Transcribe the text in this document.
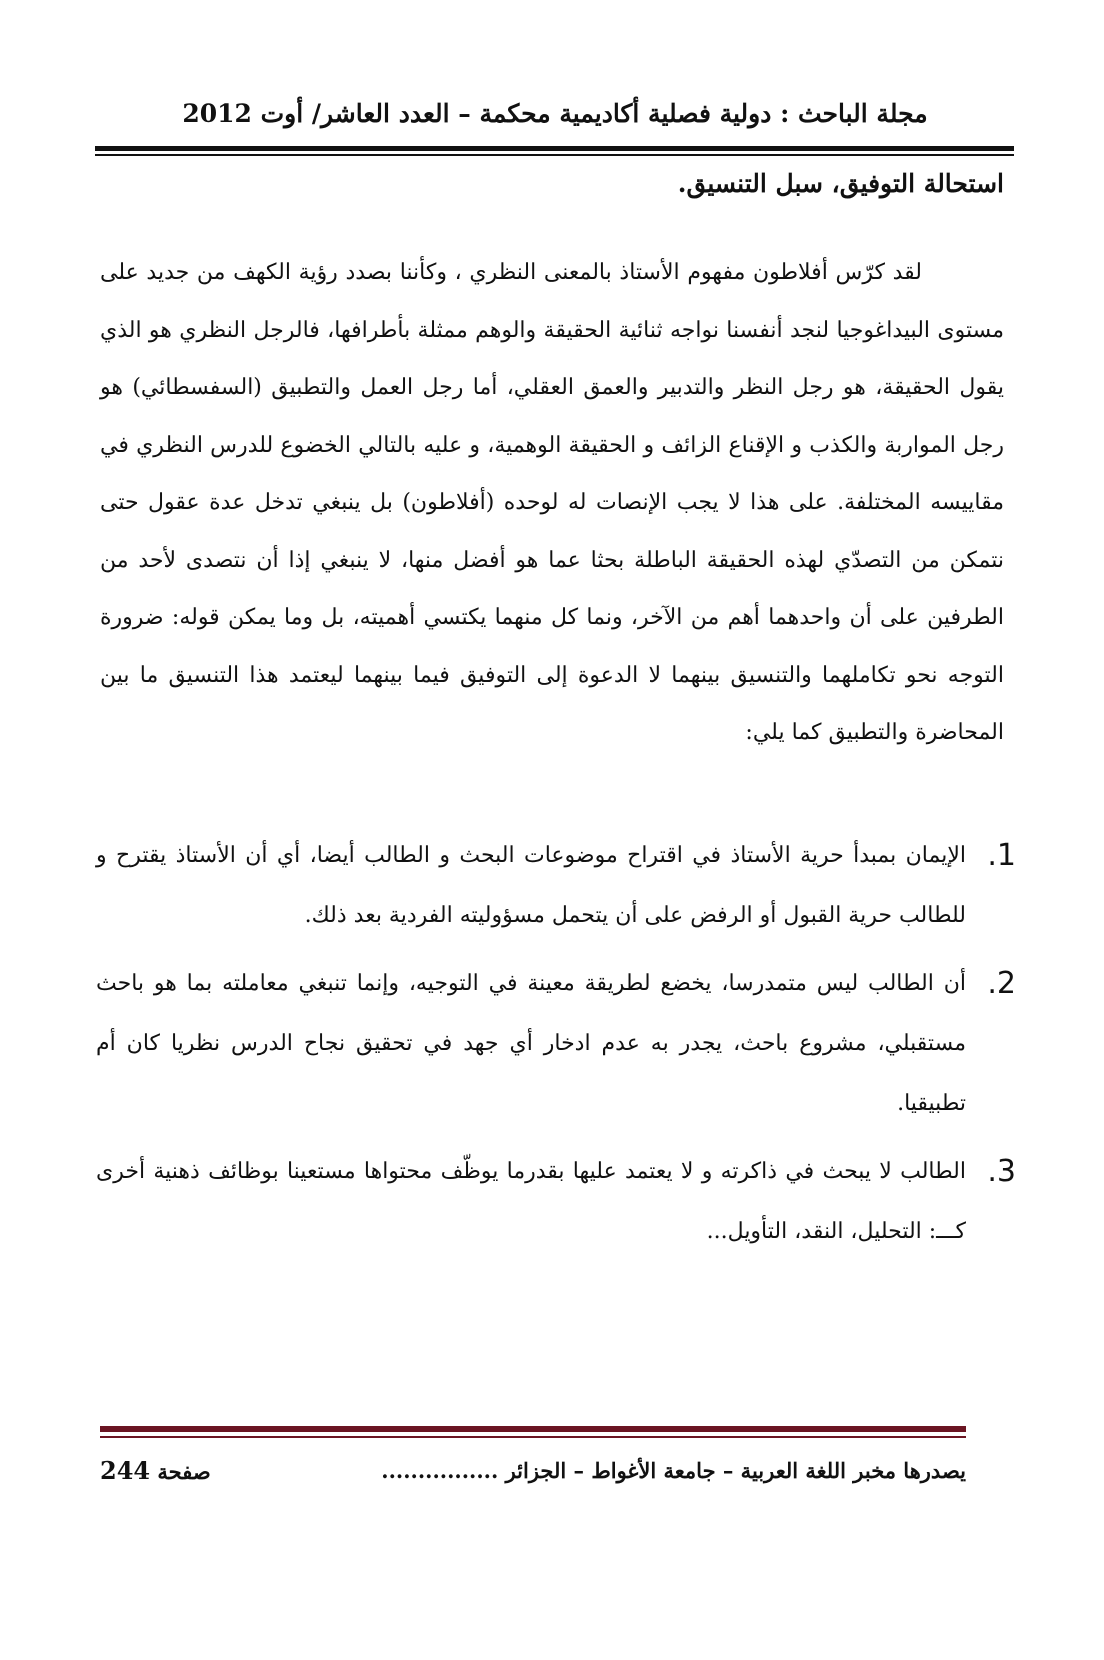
مجلة الباحث : دولية فصلية أكاديمية محكمة – العدد العاشر/ أوت 2012
استحالة التوفيق، سبل التنسيق.
لقد كرّس أفلاطون مفهوم الأستاذ بالمعنى النظري ، وكأننا بصدد رؤية الكهف من جديد على مستوى البيداغوجيا لنجد أنفسنا نواجه ثنائية الحقيقة والوهم ممثلة بأطرافها، فالرجل النظري هو الذي يقول الحقيقة، هو رجل النظر والتدبير والعمق العقلي، أما رجل العمل والتطبيق (السفسطائي) هو رجل المواربة والكذب و الإقناع الزائف و الحقيقة الوهمية، و عليه بالتالي الخضوع للدرس النظري في مقاييسه المختلفة. على هذا لا يجب الإنصات له لوحده (أفلاطون) بل ينبغي تدخل عدة عقول حتى نتمكن من التصدّي لهذه الحقيقة الباطلة بحثا عما هو أفضل منها، لا ينبغي إذا أن نتصدى لأحد من الطرفين على أن واحدهما أهم من الآخر، ونما كل منهما يكتسي أهميته، بل وما يمكن قوله: ضرورة التوجه نحو تكاملهما والتنسيق بينهما لا الدعوة إلى التوفيق فيما بينهما ليعتمد هذا التنسيق ما بين المحاضرة والتطبيق كما يلي:
1.
الإيمان بمبدأ حرية الأستاذ في اقتراح موضوعات البحث و الطالب أيضا، أي أن الأستاذ يقترح و للطالب حرية القبول أو الرفض على أن يتحمل مسؤوليته الفردية بعد ذلك.
2.
أن الطالب ليس متمدرسا، يخضع لطريقة معينة في التوجيه، وإنما تنبغي معاملته بما هو باحث مستقبلي، مشروع باحث، يجدر به عدم ادخار أي جهد في تحقيق نجاح الدرس نظريا كان أم تطبيقيا.
3.
الطالب لا يبحث في ذاكرته و لا يعتمد عليها بقدرما يوظّف محتواها مستعينا بوظائف ذهنية أخرى كـــ: التحليل، النقد، التأويل...
يصدرها مخبر اللغة العربية – جامعة الأغواط – الجزائر ................
صفحة 244
